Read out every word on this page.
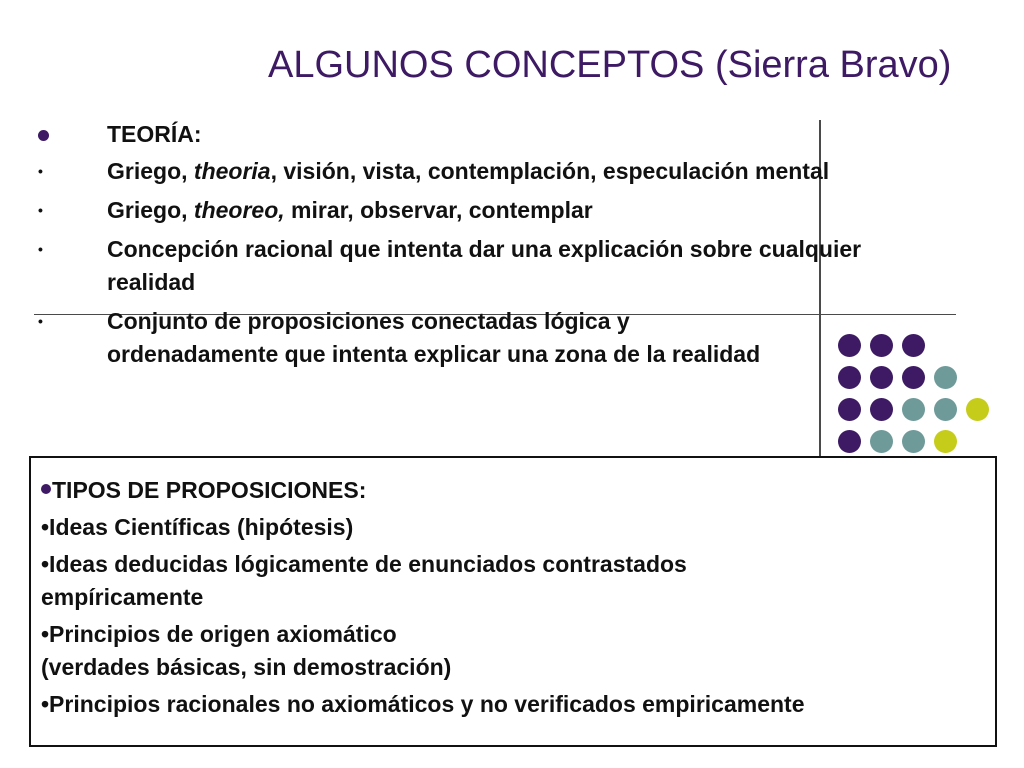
ALGUNOS CONCEPTOS (Sierra Bravo)
TEORÍA:
•	Griego, theoria, visión, vista, contemplación, especulación mental
•	Griego, theoreo, mirar, observar, contemplar
•	Concepción racional que intenta dar una explicación sobre cualquier realidad
•	Conjunto de proposiciones conectadas lógica y ordenadamente que intenta explicar una zona de la realidad
TIPOS DE PROPOSICIONES:
•Ideas Científicas (hipótesis)
•Ideas deducidas lógicamente de enunciados contrastados empíricamente
•Principios de origen axiomático
(verdades básicas, sin demostración)
•Principios racionales no axiomáticos y no verificados empiricamente
